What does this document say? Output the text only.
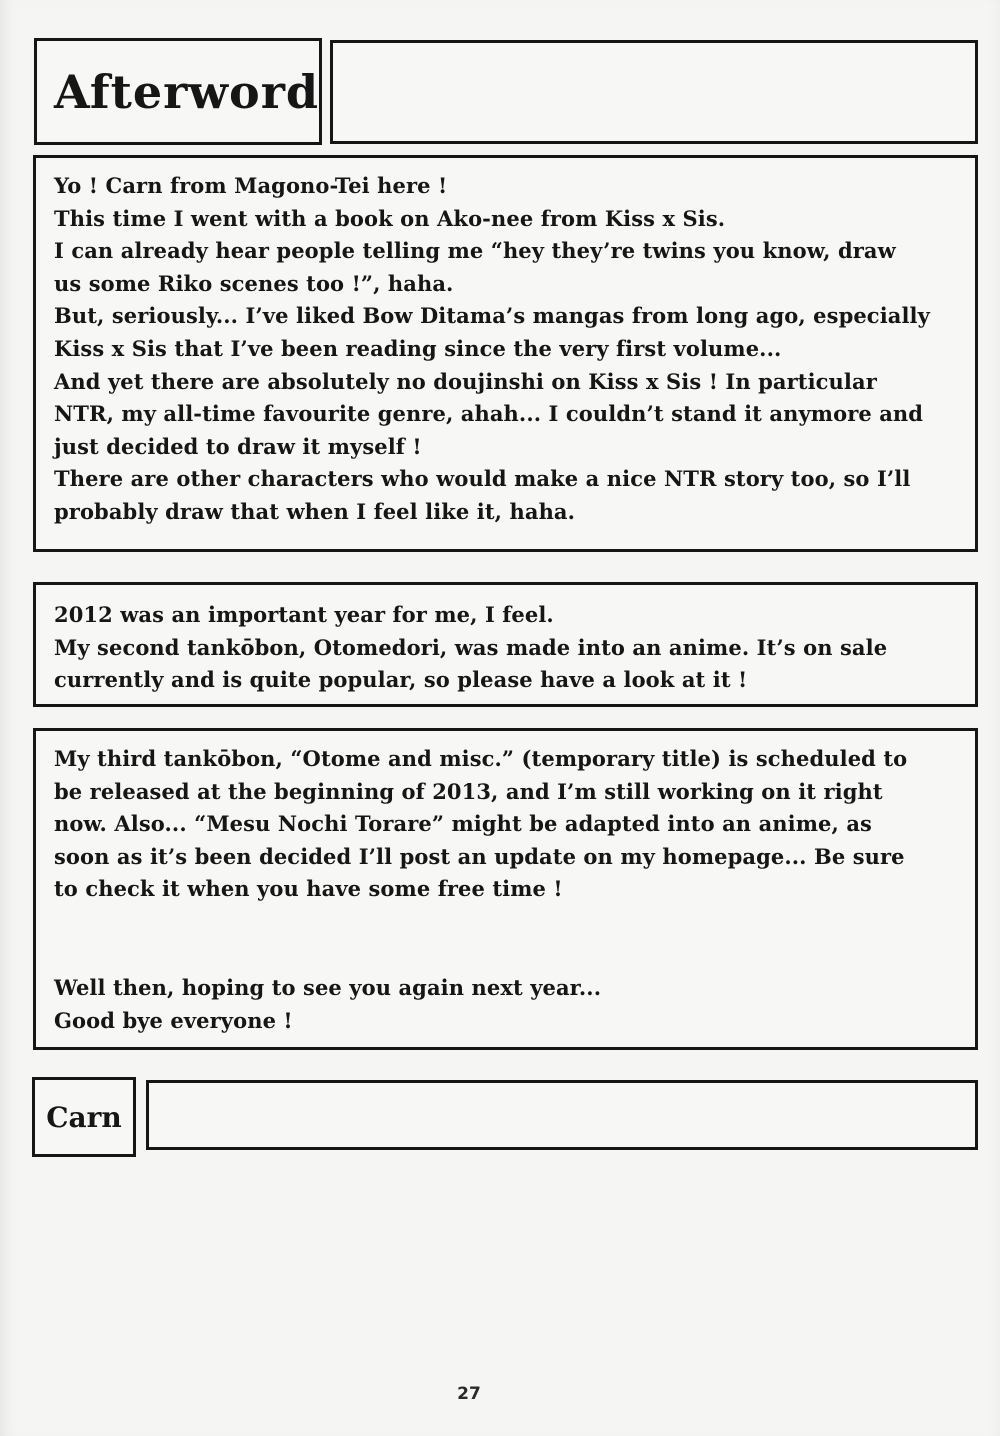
Afterword
Yo ! Carn from Magono-Tei here !
This time I went with a book on Ako-nee from Kiss x Sis.
I can already hear people telling me “hey they’re twins you know, draw
us some Riko scenes too !”, haha.
But, seriously... I’ve liked Bow Ditama’s mangas from long ago, especially
Kiss x Sis that I’ve been reading since the very first volume...
And yet there are absolutely no doujinshi on Kiss x Sis ! In particular
NTR, my all-time favourite genre, ahah... I couldn’t stand it anymore and
just decided to draw it myself !
There are other characters who would make a nice NTR story too, so I’ll
probably draw that when I feel like it, haha.
2012 was an important year for me, I feel.
My second tankōbon, Otomedori, was made into an anime. It’s on sale
currently and is quite popular, so please have a look at it !
My third tankōbon, “Otome and misc.” (temporary title) is scheduled to
be released at the beginning of 2013, and I’m still working on it right
now. Also... “Mesu Nochi Torare” might be adapted into an anime, as
soon as it’s been decided I’ll post an update on my homepage... Be sure
to check it when you have some free time !
Well then, hoping to see you again next year...
Good bye everyone !
Carn
27
